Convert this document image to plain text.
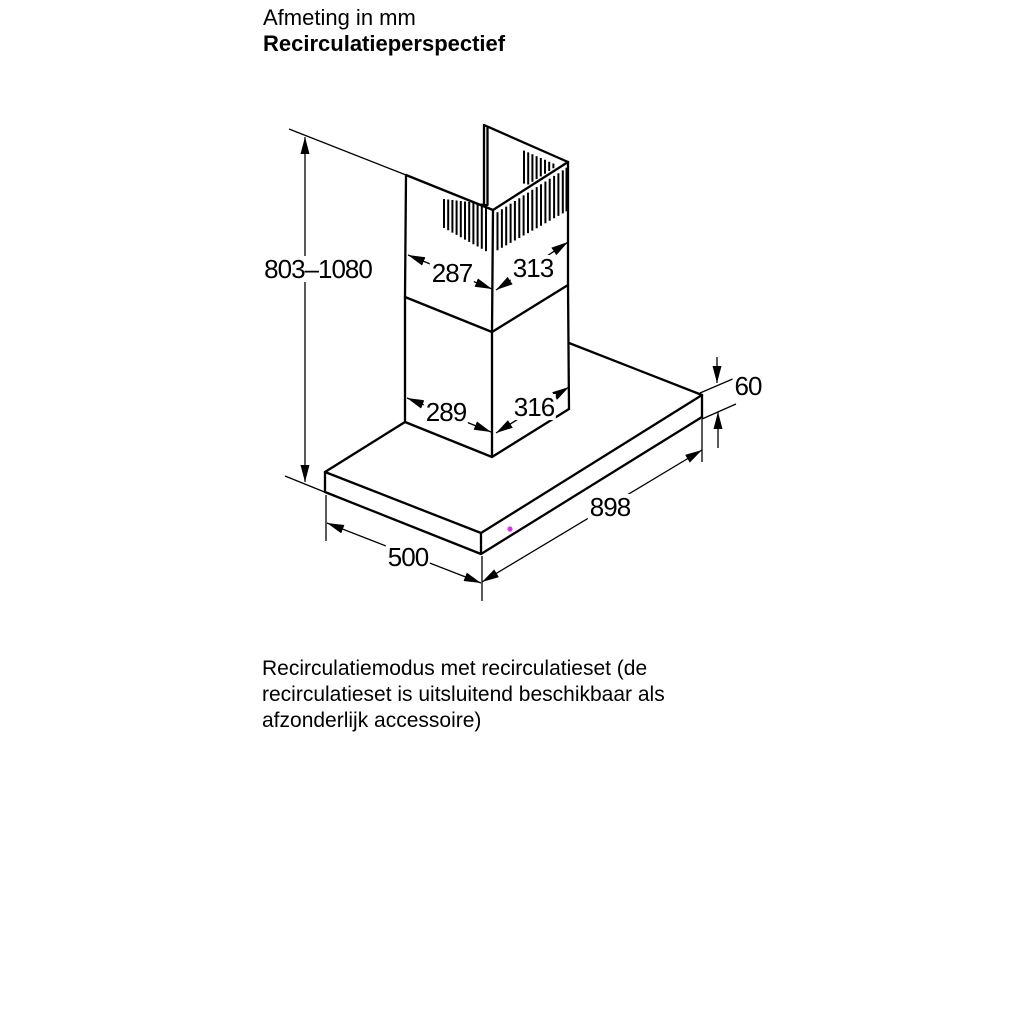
Afmeting in mm
Recirculatieperspectief
803–1080 287 313
289 316
60
898
500
Recirculatiemodus met recirculatieset (de
recirculatieset is uitsluitend beschikbaar als
afzonderlijk accessoire)
